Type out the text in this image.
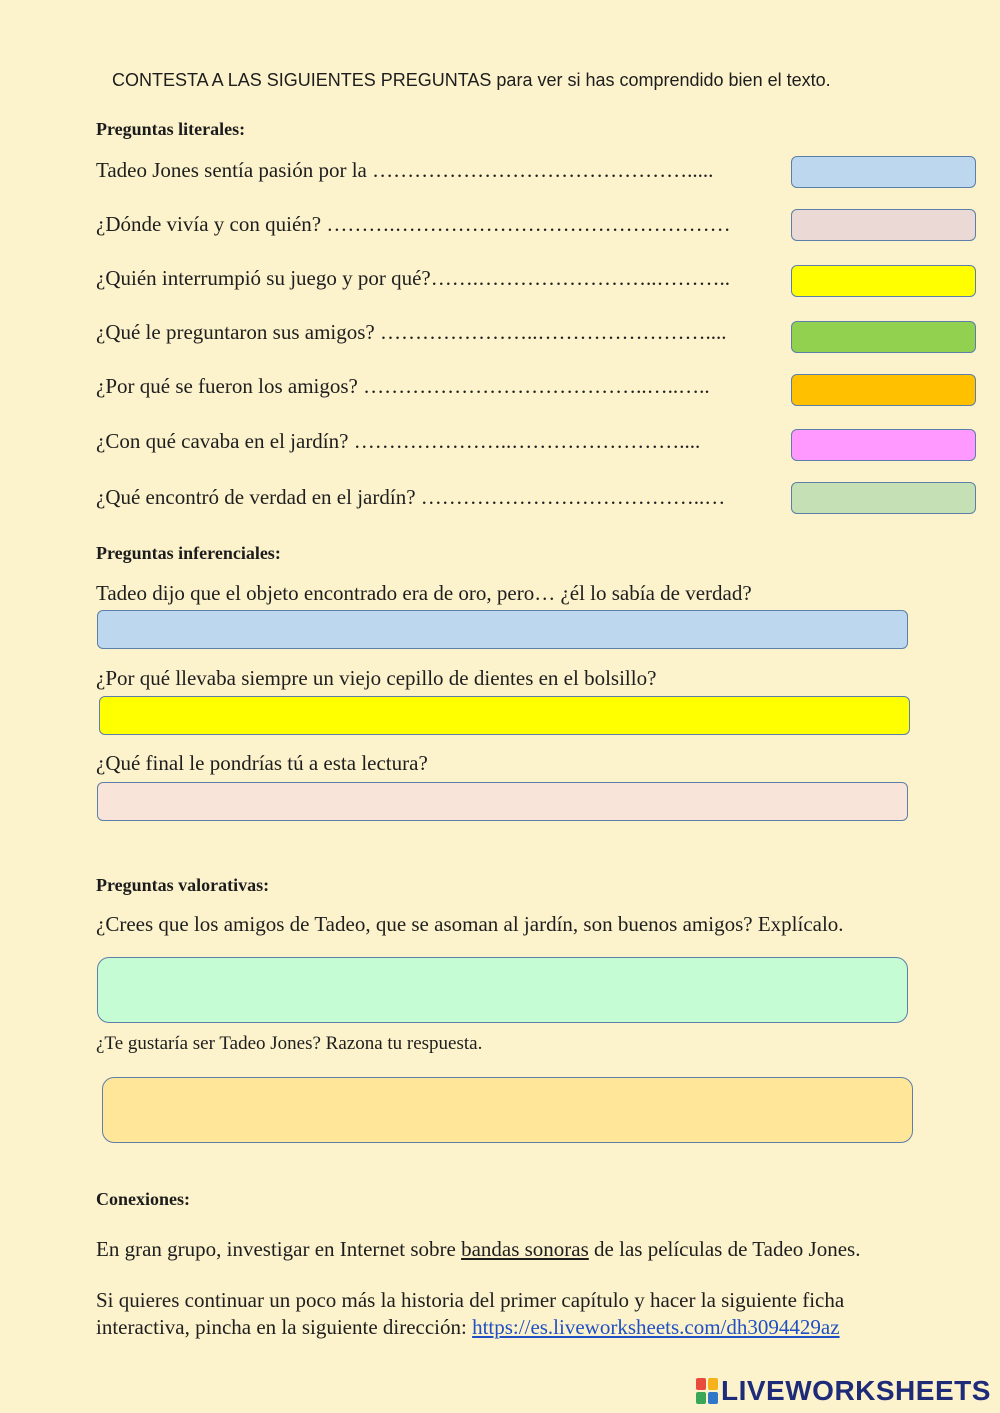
CONTESTA A LAS SIGUIENTES PREGUNTAS para ver si has comprendido bien el texto.
Preguntas literales:
Tadeo Jones sentía pasión por la ……………………………………….....
¿Dónde vivía y con quién? ……….…………………………………………
¿Quién interrumpió su juego y por qué?…….……………………..………..
¿Qué le preguntaron sus amigos? …………………..……………………....
¿Por qué se fueron los amigos? …………………………………..…..…..
¿Con qué cavaba en el jardín? …………………..……………………....
¿Qué encontró de verdad en el jardín? …………………………………..…
Preguntas inferenciales:
Tadeo dijo que el objeto encontrado era de oro, pero… ¿él lo sabía de verdad?
¿Por qué llevaba siempre un viejo cepillo de dientes en el bolsillo?
¿Qué final le pondrías tú a esta lectura?
Preguntas valorativas:
¿Crees que los amigos de Tadeo, que se asoman al jardín, son buenos amigos? Explícalo.
¿Te gustaría ser Tadeo Jones? Razona tu respuesta.
Conexiones:
En gran grupo, investigar en Internet sobre bandas sonoras de las películas de Tadeo Jones.
Si quieres continuar un poco más la historia del primer capítulo y hacer la siguiente ficha
interactiva, pincha en la siguiente dirección: https://es.liveworksheets.com/dh3094429az
LIVEWORKSHEETS
